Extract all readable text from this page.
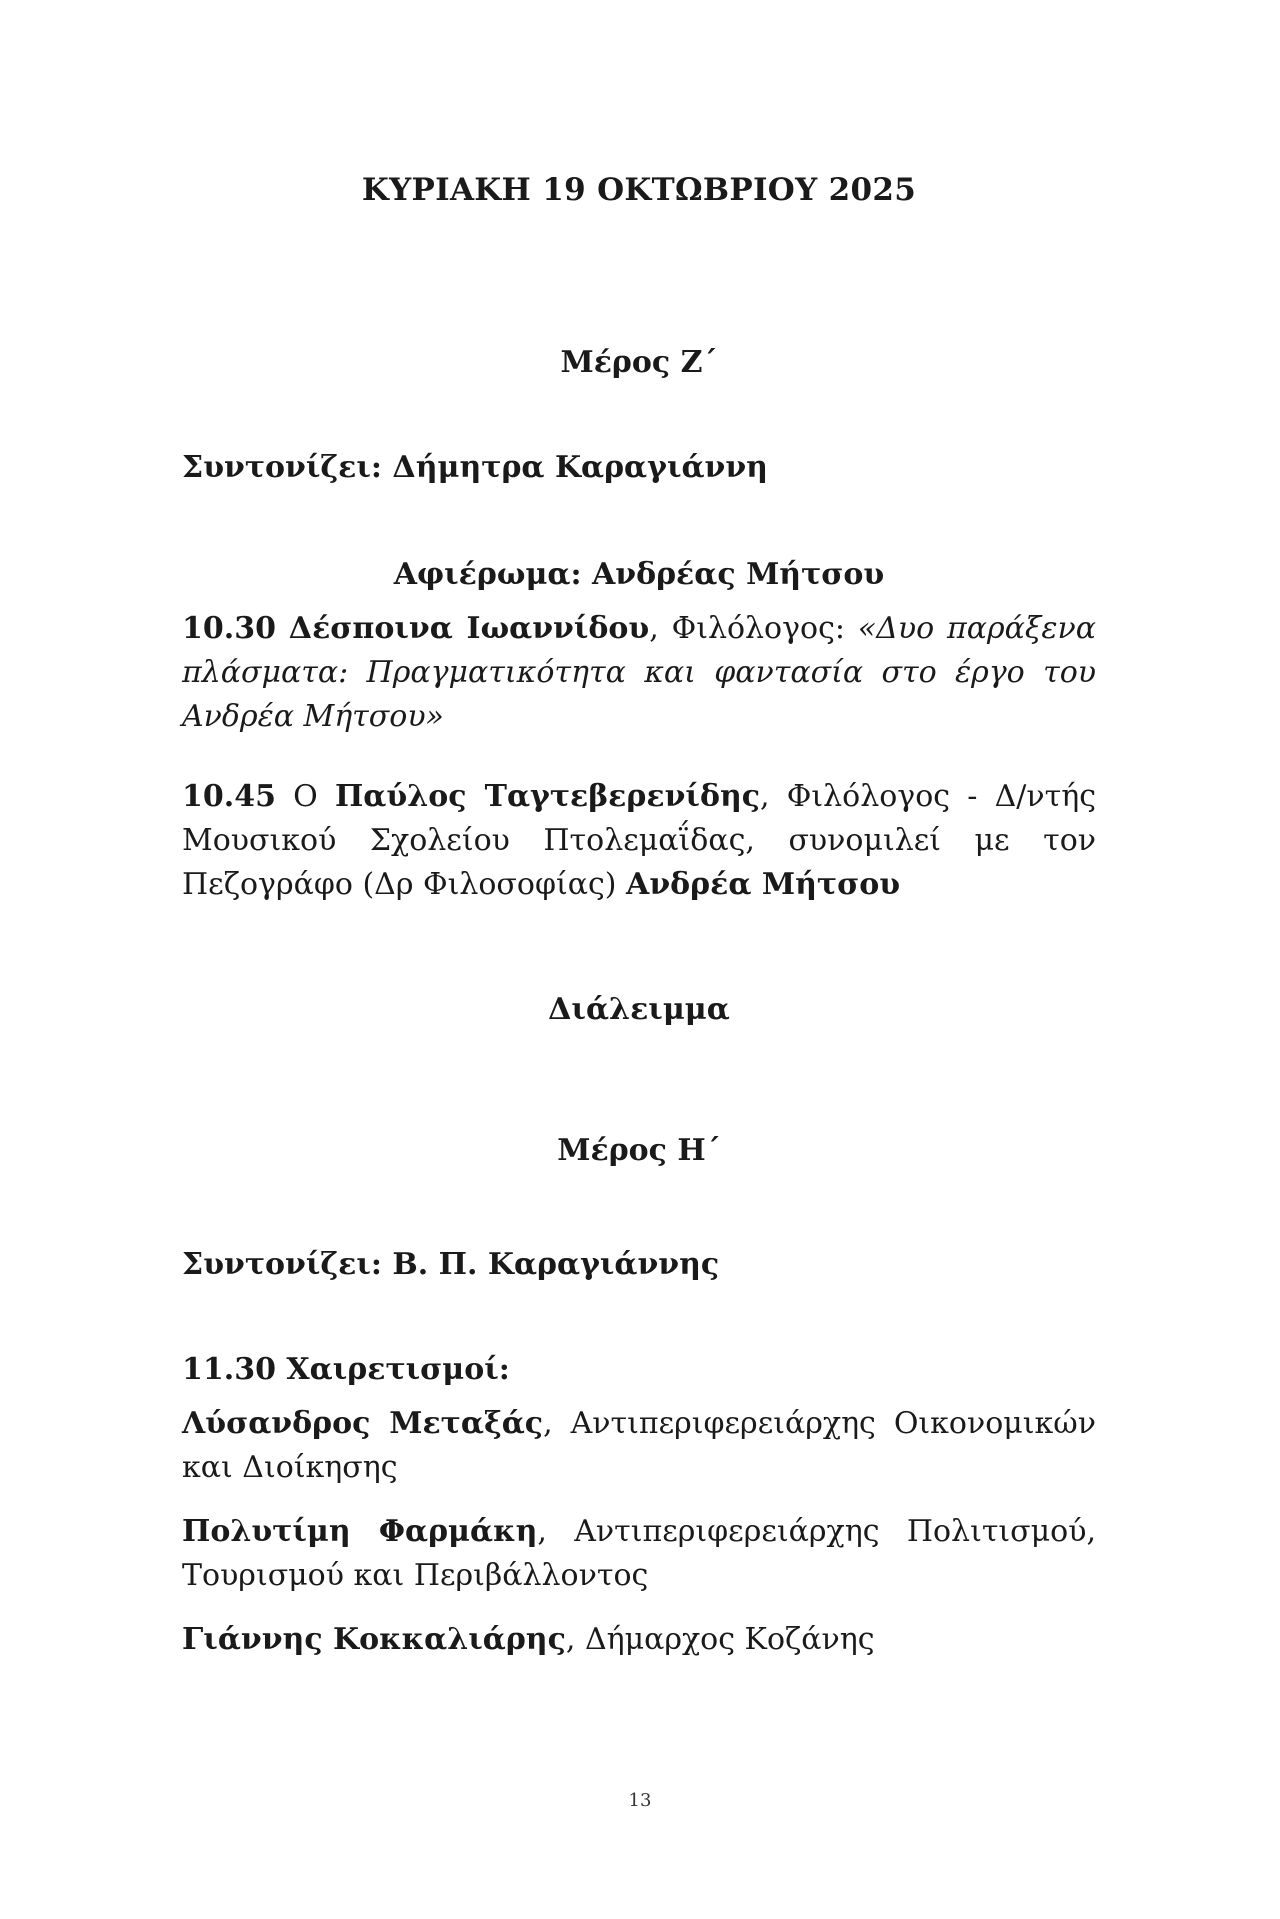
ΚΥΡΙΑΚΗ 19 ΟΚΤΩΒΡΙΟΥ 2025
Μέρος Ζ΄
Συντονίζει: Δήμητρα Καραγιάννη
Αφιέρωμα: Ανδρέας Μήτσου
10.30 Δέσποινα Ιωαννίδου, Φιλόλογος: «Δυο παράξενα πλάσματα: Πραγματικότητα και φαντασία στο έργο του Ανδρέα Μήτσου»
10.45 Ο Παύλος Ταγτεβερενίδης, Φιλόλογος - Δ/ντής Μουσικού Σχολείου Πτολεμαΐδας, συνομιλεί με τον Πεζογράφο (Δρ Φιλοσοφίας) Ανδρέα Μήτσου
Διάλειμμα
Μέρος Η΄
Συντονίζει: Β. Π. Καραγιάννης
11.30 Χαιρετισμοί:
Λύσανδρος Μεταξάς, Αντιπεριφερειάρχης Οικονομικών και Διοίκησης
Πολυτίμη Φαρμάκη, Αντιπεριφερειάρχης Πολιτισμού, Τουρισμού και Περιβάλλοντος
Γιάννης Κοκκαλιάρης, Δήμαρχος Κοζάνης
13
